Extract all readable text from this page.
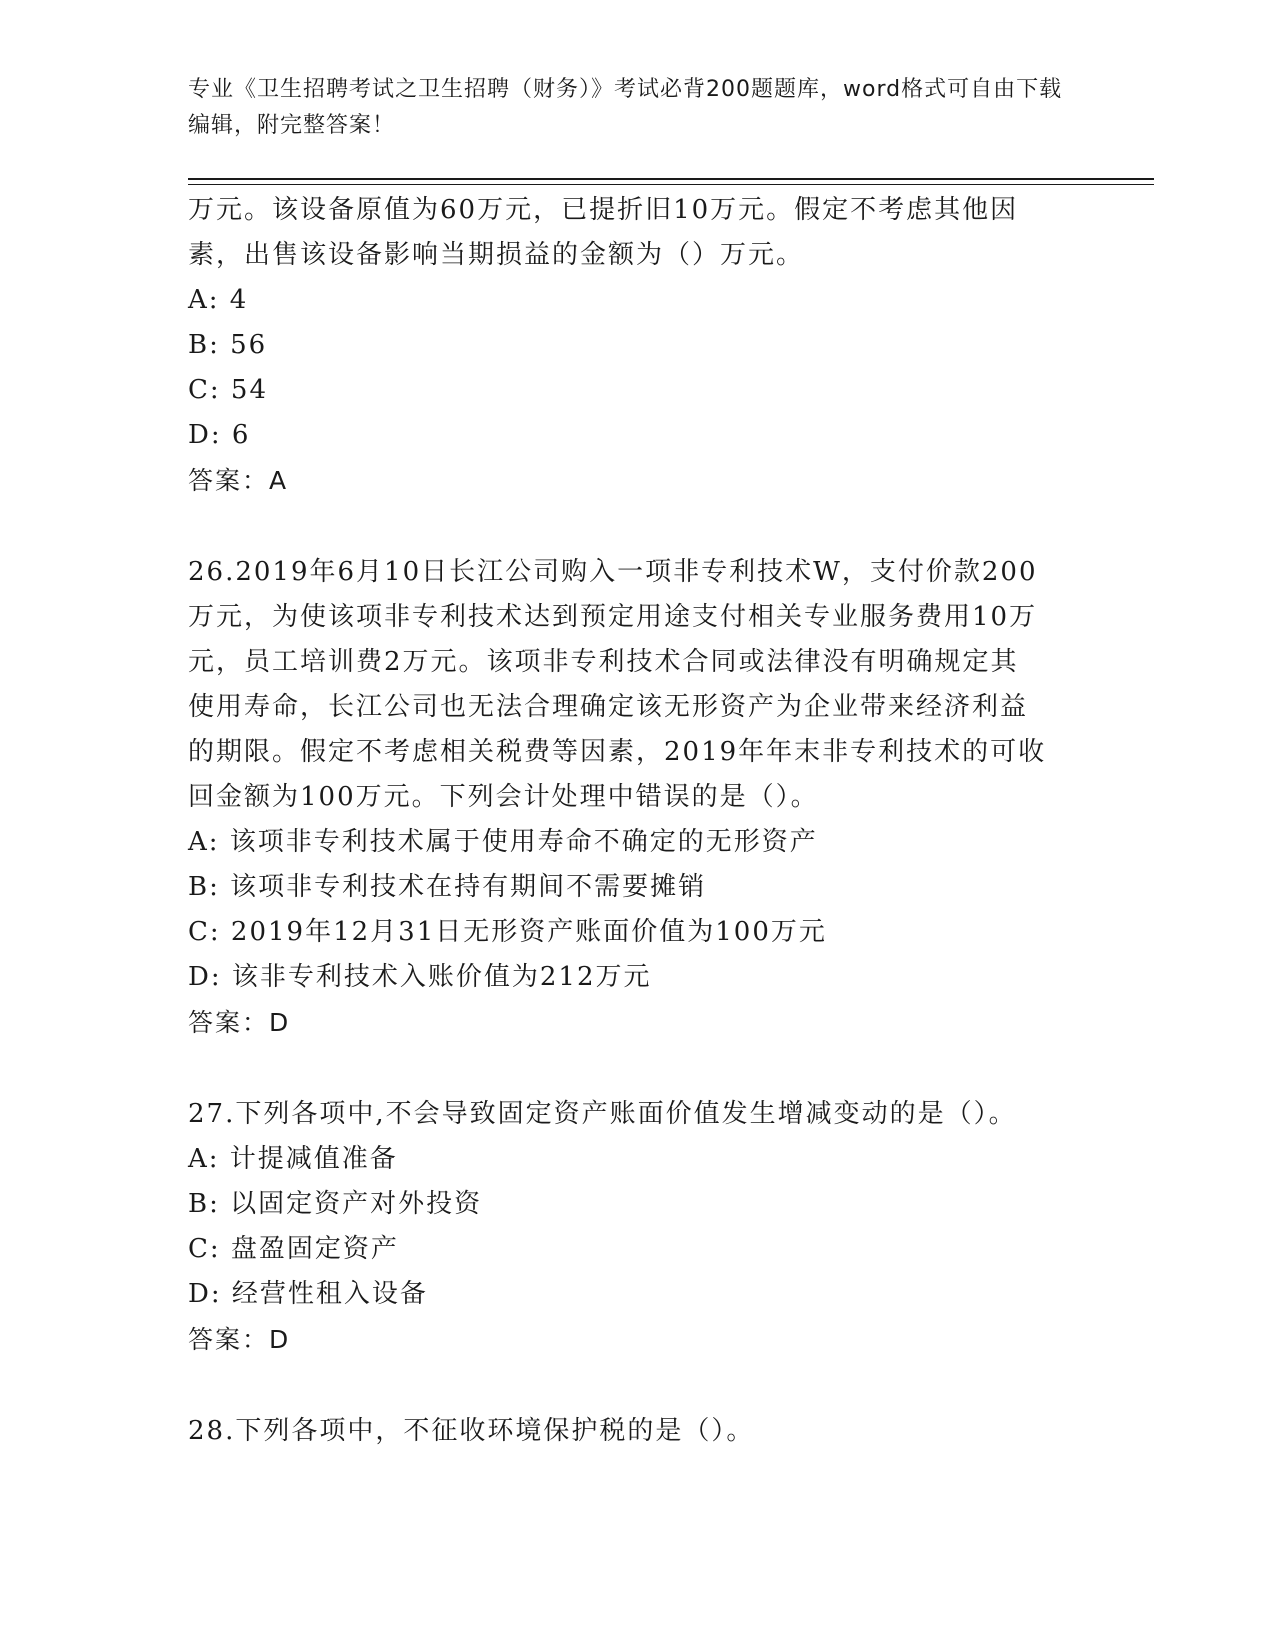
专业《卫生招聘考试之卫生招聘（财务）》考试必背200题题库，word格式可自由下载编辑，附完整答案！
万元。该设备原值为60万元，已提折旧10万元。假定不考虑其他因
素，出售该设备影响当期损益的金额为（）万元。
A: 4
B: 56
C: 54
D: 6
答案：A
26.2019年6月10日长江公司购入一项非专利技术W，支付价款200
万元，为使该项非专利技术达到预定用途支付相关专业服务费用10万
元，员工培训费2万元。该项非专利技术合同或法律没有明确规定其
使用寿命，长江公司也无法合理确定该无形资产为企业带来经济利益
的期限。假定不考虑相关税费等因素，2019年年末非专利技术的可收
回金额为100万元。下列会计处理中错误的是（）。
A: 该项非专利技术属于使用寿命不确定的无形资产
B: 该项非专利技术在持有期间不需要摊销
C: 2019年12月31日无形资产账面价值为100万元
D: 该非专利技术入账价值为212万元
答案：D
27.下列各项中,不会导致固定资产账面价值发生增减变动的是（）。
A: 计提减值准备
B: 以固定资产对外投资
C: 盘盈固定资产
D: 经营性租入设备
答案：D
28.下列各项中，不征收环境保护税的是（）。
